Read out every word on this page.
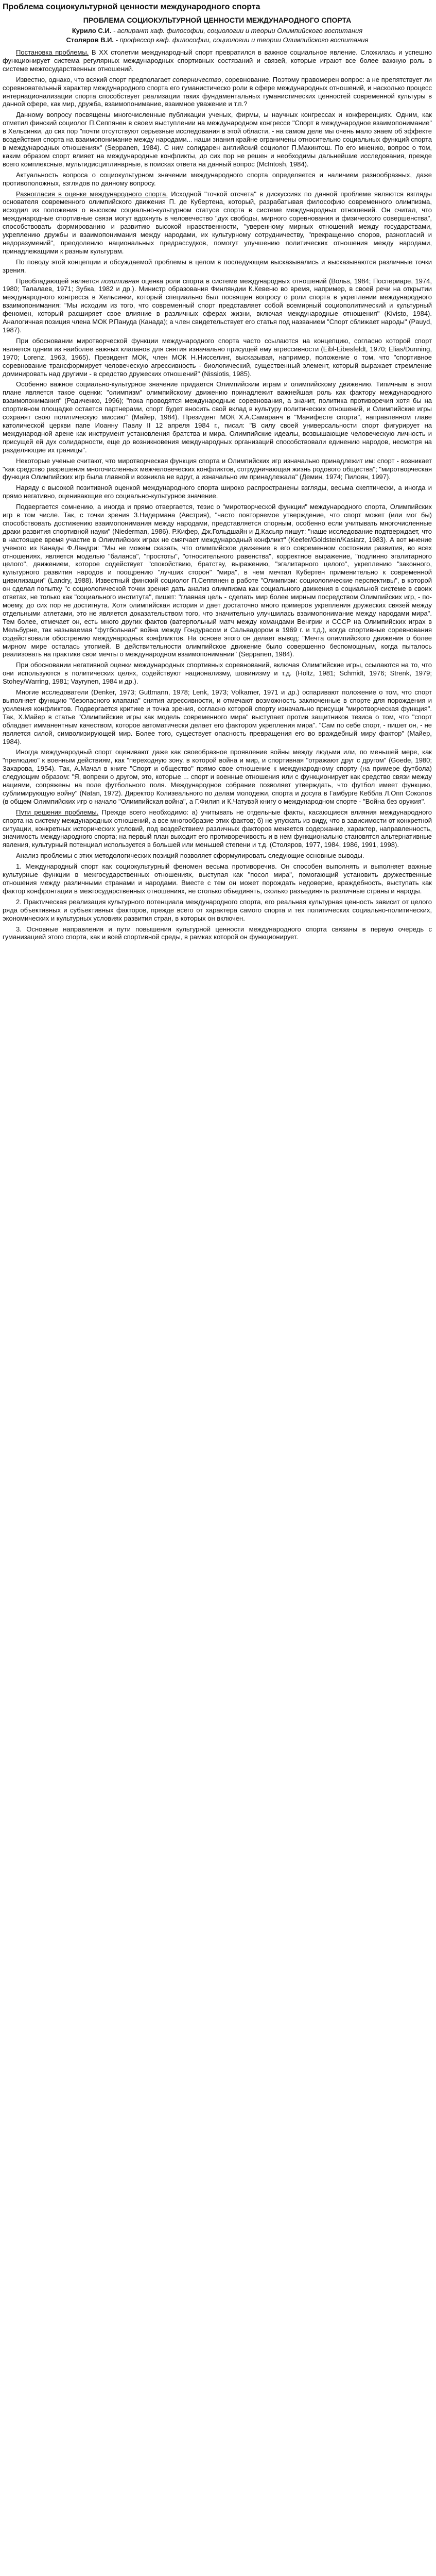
Проблема социокультурной ценности международного спорта
ПРОБЛЕМА СОЦИОКУЛЬТУРНОЙ ЦЕННОСТИ МЕЖДУНАРОДНОГО СПОРТА
Курило С.И. - аспирант каф. философии, социологии и теории Олимпийского воспитания
Столяров В.И. - профессор каф. философии, социологии и теории Олимпийского воспитания

Постановка проблемы. В ХХ столетии международный спорт превратился в важное социальное явление. Сложилась и успешно функционирует система регулярных международных спортивных состязаний и связей, которые играют все более важную роль в системе межгосударственных отношений.

Известно, однако, что всякий спорт предполагает соперничество, соревнование. Поэтому правомерен вопрос: а не препятствует ли соревновательный характер международного спорта его гуманистическо роли в сфере международных отношений, и насколько процесс интернационализации спорта способствует реализации таких фундаментальных гуманистических ценностей современной культуры в данной сфере, как мир, дружба, взаимопонимание, взаимное уважение и т.п.?

Данному вопросу посвящены многочисленные публикации ученых, фирмы, ы научных конгрессах и конференциях. Одним, как отметил финский социолог П.Сеппянен в своем выступлении на международном конгрессе "Спорт в международное взаимопонимание" в Хельсинки, до сих пор "почти отсутствуют серьезные исследования в этой области, - на самом деле мы очень мало знаем об эффекте воздействия спорта на взаимопонимание между народами... наши знания крайне ограничены относительно социальных функций спорта в международных отношениях" (Seppanen, 1984). С ним солидарен английский социолог П.Макинтош. По его мнению, вопрос о том, каким образом спорт влияет на международные конфликты, до сих пор не решен и необходимы дальнейшие исследования, прежде всего комплексные, мультидисциплинарные, в поисках ответа на данный вопрос (McIntosh, 1984).

Актуальность вопроса о социокультурном значении международного спорта определяется и наличием разнообразных, даже противоположных, взглядов по данному вопросу.

Разногласия в оценке международного спорта. Исходной "точкой отсчета" в дискуссиях по данной проблеме являются взгляды основателя современного олимпийского движения П. де Кубертена, который, разрабатывая философию современного олимпизма, исходил из положения о высоком социально-культурном статусе спорта в системе международных отношений. Он считал, что международные спортивные связи могут вдохнуть в человечество "дух свободы, мирного соревнования и физического совершенства", способствовать формированию и развитию высокой нравственности, "уверенному мирных отношений между государствами, укреплению дружбы и взаимопонимания между народами, их культурному сотрудничеству, "прекращению споров, разногласий и недоразумений", преодолению национальных предрассудков, помогут улучшению политических отношения между народами, принадлежащими к разным культурам.

По поводу этой концепции и обсуждаемой проблемы в целом в последующем высказывались и высказываются различные точки зрения.

Преобладающей является позитивная оценка роли спорта в системе международных отношений (Вольs, 1984; Поспериаре, 1974, 1980; Талалаев, 1971; Зубка, 1982 и др.). Министр образования Финляндии К.Кевеню во время, например, в своей речи на открытии международного конгресса в Хельсинки, который специально был посвящен вопросу о роли спорта в укреплении международного взаимопонимания: "Мы исходим из того, что современный спорт представляет собой всемирный социополитический и культурный феномен, который расширяет свое влияние в различных сферах жизни, включая международные отношения" (Kivisto, 1984). Аналогичная позиция члена МОК Р.Пануда (Канада); а член свидетельствует его статья под названием "Спорт сближает народы" (Pauyd, 1987).

При обосновании миротворческой функции международного спорта часто ссылаются на концепцию, согласно которой спорт является одним из наиболее важных клапанов для снятия изначально присущей ему агрессивности (Eibl-Eibesfeldt, 1970; Elias/Dunning, 1970; Lorenz, 1963, 1965). Президент МОК, член МОК Н.Нисселинг, высказывая, например, положение о том, что "спортивное соревнование трансформирует человеческую агрессивность - биологический, существенный элемент, который выражает стремление доминировать над другими - в средство дружеских отношений" (Nissiotis, 1985).

Особенно важное социально-культурное значение придается Олимпийским играм и олимпийскому движению. Типичным в этом плане является такое оценки: "олимпизм" олимпийскому движению принадлежит важнейшая роль как фактору международного взаимопонимания" (Родиченко, 1996); "пока проводятся международные соревнования, а значит, политика противоречия хотя бы на спортивном площадке остается партнерами, спорт будет вносить свой вклад в культуру политических отношений, и Олимпийские игры сохранят свою политическую миссию" (Майер, 1984). Президент МОК Х.А.Самаранч в "Манифесте спорта", направленном главе католической церкви папе Иоанну Павлу II 12 апреля 1984 г., писал: "В силу своей универсальности спорт фигурирует на международной арене как инструмент установления братства и мира. Олимпийские идеалы, возвышающие человеческую личность и присущей ей дух солидарности, еще до возникновения международных организаций способствовали единению народов, несмотря на разделяющие их границы".

Некоторые ученые считают, что миротворческая функция спорта и Олимпийских игр изначально принадлежит им: спорт - возникает "как средство разрешения многочисленных межчеловеческих конфликтов, сотрудничающая жизнь родового общества"; "миротворческая функция Олимпийских игр была главной и возникла не вдруг, а изначально им принадлежала" (Демин, 1974; Пилоян, 1997).

Наряду с высокой позитивной оценкой международного спорта широко распространены взгляды, весьма скептически, а иногда и прямо негативно, оценивающие его социально-культурное значение.

Подвергается сомнению, а иногда и прямо отвергается, тезис о "миротворческой функции" международного спорта, Олимпийских игр в том числе. Так, с точки зрения З.Нидермана (Австрия), "часто повторяемое утверждение, что спорт может (или мог бы) способствовать достижению взаимопонимания между народами, представляется спорным, особенно если учитывать многочисленные драки развития спортивной науки" (Niederman, 1986). Р.Кифер, Дж.Гольдшайн и Д.Касьяр пишут: "наше исследование подтверждает, что в настоящее время участие в Олимпийских играх не смягчает международный конфликт" (Keefer/Goldstein/Kasiarz, 1983). А вот мнение ученого из Канады Ф.Ландри: "Мы не можем сказать, что олимпийское движение в его современном состоянии развития, во всех отношениях, является моделью "баланса", "простоты", "относительного равенства", корректное выражение, "подлинно эгалитарного целого", движением, которое содействует "спокойствию, братству, выражению, "эгалитарного целого", укреплению "законного, культурного развития народов и поощрению "лучших сторон" "мира", в чем мечтал Кубертен применительно к современной цивилизации" (Landry, 1988). Известный финский социолог П.Сеппянен в работе "Олимпизм: социологические перспективы", в которой он сделал попытку "с социологической точки зрения дать анализ олимпизма как социального движения в социальной системе в своих ответах, не только как "социального института", пишет: "главная цель - сделать мир более мирным посредством Олимпийских игр, - по-моему, до сих пор не достигнута. Хотя олимпийская история и дает достаточно много примеров укрепления дружеских связей между отдельными атлетами, это не является доказательством того, что значительно улучшилась взаимопонимание между народами мира". Тем более, отмечает он, есть много других фактов (ватерпольный матч между командами Венгрии и СССР на Олимпийских играх в Мельбурне, так называемая "футбольная" война между Гондурасом и Сальвадором в 1969 г. и т.д.), когда спортивные соревнования содействовали обострению международных конфликтов. На основе этого он делает вывод: "Мечта олимпийского движения о более мирном мире осталась утопией. В действительности олимпийское движение было совершенно беспомощным, когда пыталось реализовать на практике свои мечты о международном взаимопонимании" (Seppanen, 1984).

При обосновании негативной оценки международных спортивных соревнований, включая Олимпийские игры, ссылаются на то, что они используются в политических целях, содействуют национализму, шовинизму и т.д. (Holtz, 1981; Schmidt, 1976; Strenk, 1979; Stohey/Warring, 1981; Vaуrynen, 1984 и др.).

Многие исследователи (Denker, 1973; Guttmann, 1978; Lenk, 1973; Volkamer, 1971 и др.) оспаривают положение о том, что спорт выполняет функцию "безопасного клапана" снятия агрессивности, и отмечают возможность заключенные в спорте для порождения и усиления конфликтов. Подвергается критике и точка зрения, согласно которой спорту изначально присущи "миротворческая функция". Так, Х.Майер в статье "Олимпийские игры как модель современного мира" выступает против защитников тезиса о том, что "спорт обладает имманентным качеством, которое автоматически делает его фактором укрепления мира". "Сам по себе спорт, - пишет он, - не является силой, символизирующей мир. Более того, существует опасность превращения его во враждебный миру фактор" (Майер, 1984).

Иногда международный спорт оценивают даже как своеобразное проявление войны между людьми или, по меньшей мере, как "прелюдию" к военным действиям, как "переходную зону, в которой война и мир, и спортивная "отражают друг с другом" (Goede, 1980; Захарова, 1954). Так, А.Мачал в книге "Спорт и общество" прямо свое отношение к международному спорту (на примере футбола) следующим образом: "Я, вопреки о другом, это, которые ... спорт и военные отношения или с функционирует как средство связи между нациями, сопряжены на поле футбольного поля. Международное собрание позволяет утверждать, что футбол имеет функцию, сублимирующую войну" (Natan, 1972). Директор Колизеального по делам молодежи, спорта и досуга в Гамбурге Кеббла Л.Опп Соколов (в общем Олимпийских игр о начало "Олимпийская война", а Г.Филип и К.Чатувэй книгу о международном спорте - "Война без оружия".

Пути решения проблемы. Прежде всего необходимо: а) учитывать не отдельные факты, касающиеся влияния международного спорта на систему международных отношений, а все многообразие этих фактов; б) не упускать из виду, что в зависимости от конкретной ситуации, конкретных исторических условий, под воздействием различных факторов меняется содержание, характер, направленность, значимость международного спорта; на первый план выходит его противоречивость и в нем функционально становятся альтернативные явления, культурный потенциал используется в большей или меньшей степени и т.д. (Столяров, 1977, 1984, 1986, 1991, 1998).

Анализ проблемы с этих методологических позиций позволяет сформулировать следующие основные выводы.

1. Международный спорт как социокультурный феномен весьма противоречив. Он способен выполнять и выполняет важные культурные функции в межгосударственных отношениях, выступая как "посол мира", помогающий установить дружественные отношения между различными странами и народами. Вместе с тем он может порождать недоверие, враждебность, выступать как фактор конфронтации в межгосударственных отношениях, не столько объединять, сколько разъединять различные страны и народы.

2. Практическая реализация культурного потенциала международного спорта, его реальная культурная ценность зависит от целого ряда объективных и субъективных факторов, прежде всего от характера самого спорта и тех политических социально-политических, экономических и культурных условиях развития стран, в которых он включен.

3. Основные направления и пути повышения культурной ценности международного спорта связаны в первую очередь с гуманизацией этого спорта, как и всей спортивной среды, в рамках которой он функционирует.
